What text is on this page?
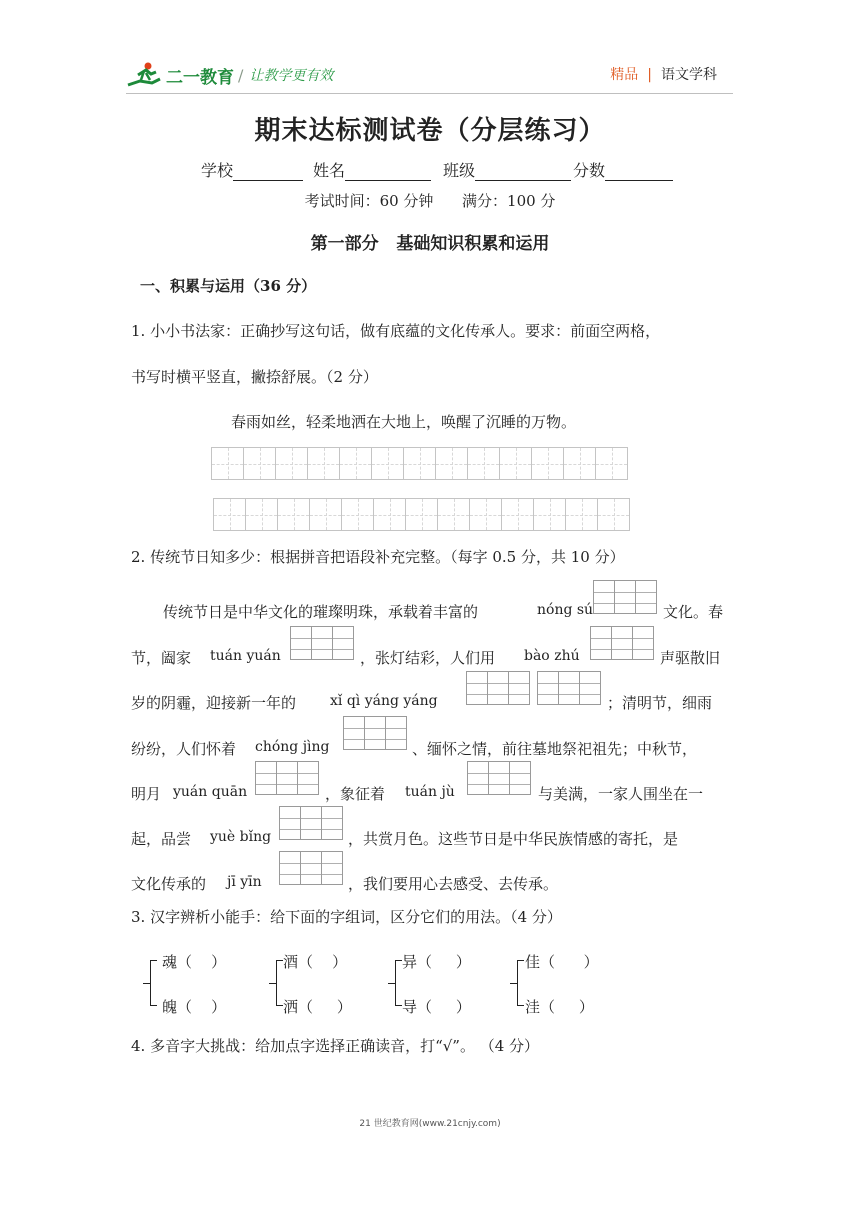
二一教育 / 让教学更有效	精品 | 语文学科
期末达标测试卷（分层练习）
学校	姓名	班级	分数
考试时间：60 分钟      满分：100 分
第一部分   基础知识积累和运用
一、积累与运用（36 分）
1. 小小书法家：正确抄写这句话，做有底蕴的文化传承人。要求：前面空两格，
书写时横平竖直，撇捺舒展。（2 分）
春雨如丝，轻柔地洒在大地上，唤醒了沉睡的万物。
2. 传统节日知多少：根据拼音把语段补充完整。（每字 0.5 分，共 10 分）
传统节日是中华文化的璀璨明珠，承载着丰富的	nóng sú	文化。春
节，阖家 tuán yuán	，张灯结彩，人们用 bào zhú	声驱散旧
岁的阴霾，迎接新一年的 xǐ qì yáng yáng	；清明节，细雨
纷纷，人们怀着 chóng jìng	、缅怀之情，前往墓地祭祀祖先；中秋节，
明月 yuán quān	，象征着 tuán jù	与美满，一家人围坐在一
起，品尝 yuè bǐng	，共赏月色。这些节日是中华民族情感的寄托，是
文化传承的 jī yīn	，我们要用心去感受、去传承。
3. 汉字辨析小能手：给下面的字组词，区分它们的用法。（4 分）
魂（    ）
魄（    ）
酒（    ）
洒（     ）
异（     ）
导（     ）
佳（      ）
洼（     ）
4. 多音字大挑战：给加点字选择正确读音，打“√”。 （4 分）
21 世纪教育网(www.21cnjy.com)
